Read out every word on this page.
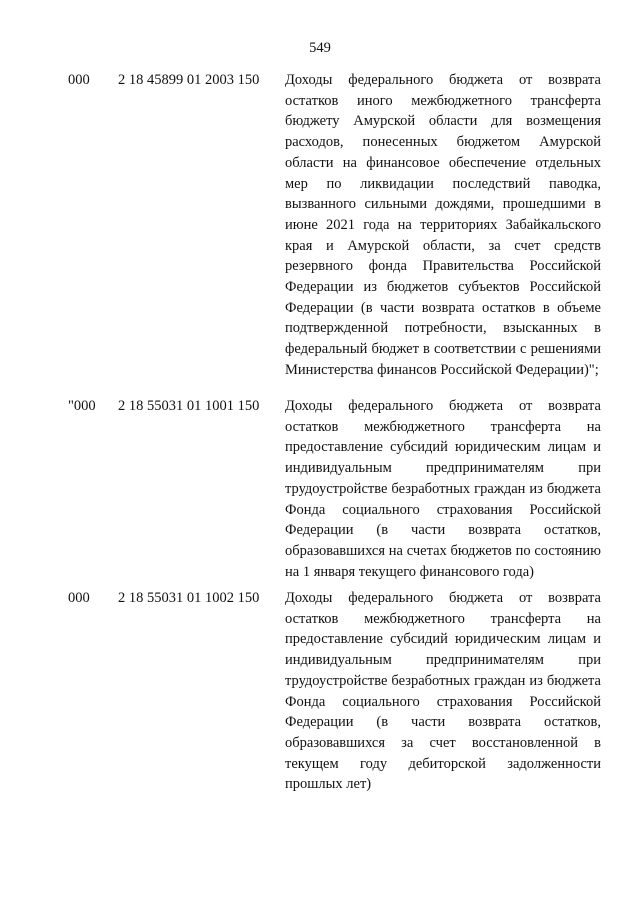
549
000 2 18 45899 01 2003 150 Доходы федерального бюджета от возврата остатков иного межбюджетного трансферта бюджету Амурской области для возмещения расходов, понесенных бюджетом Амурской области на финансовое обеспечение отдельных мер по ликвидации последствий паводка, вызванного сильными дождями, прошедшими в июне 2021 года на территориях Забайкальского края и Амурской области, за счет средств резервного фонда Правительства Российской Федерации из бюджетов субъектов Российской Федерации (в части возврата остатков в объеме подтвержденной потребности, взысканных в федеральный бюджет в соответствии с решениями Министерства финансов Российской Федерации)";
"000 2 18 55031 01 1001 150 Доходы федерального бюджета от возврата остатков межбюджетного трансферта на предоставление субсидий юридическим лицам и индивидуальным предпринимателям при трудоустройстве безработных граждан из бюджета Фонда социального страхования Российской Федерации (в части возврата остатков, образовавшихся на счетах бюджетов по состоянию на 1 января текущего финансового года)
000 2 18 55031 01 1002 150 Доходы федерального бюджета от возврата остатков межбюджетного трансферта на предоставление субсидий юридическим лицам и индивидуальным предпринимателям при трудоустройстве безработных граждан из бюджета Фонда социального страхования Российской Федерации (в части возврата остатков, образовавшихся за счет восстановленной в текущем году дебиторской задолженности прошлых лет)
